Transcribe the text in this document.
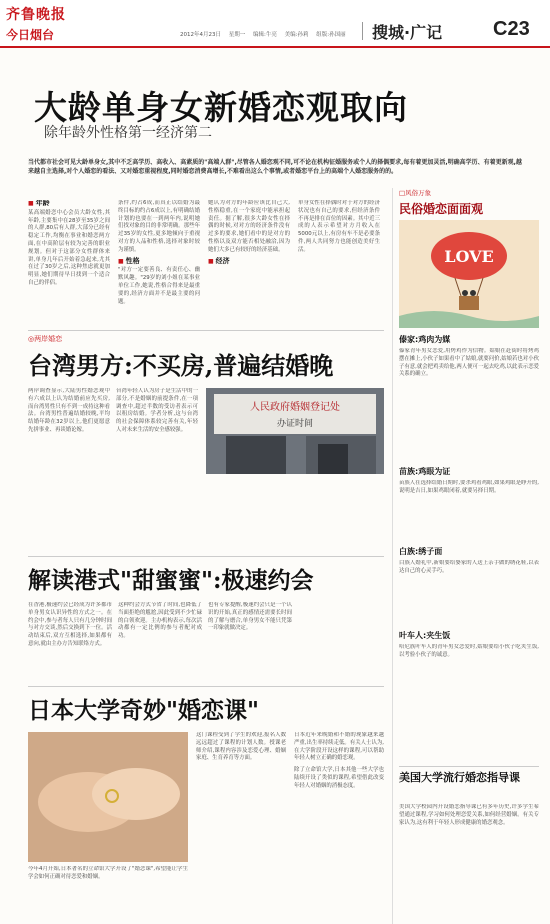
齐鲁晚报
今日烟台	2012年4月23日 星期一 编辑:牛亮 美编:孙莉 组版:孙国丽	搜城·广记	C23
大龄单身女新婚恋观取向
除年龄外性格第一经济第二
当代都市社会可见大龄单身女,其中不乏高学历、高收入、高素质的"高端人群",尽管各人婚恋观不同,可不论在机构征婚服务或个人的择偶要求,每有着更加灵活,明确高学历、有着更新观,越来越自主选择,对个人婚恋的看法、又对婚恋重视程度,同时婚恋消费高增长,不难看出这么个事情,或者婚恋平台上的高端个人婚恋服务的的。
■ 年龄
某高端婚恋中心会员大龄女性,其年龄,主要集中在28岁至35岁之间的人群,80后有人群,大部分已经有稳定工作,均衡在事业和婚恋两方面,在中高阶层有较为完善的职业规划。但对于这部分女性群体来讲,单身几年后开始着急起来,尤其在过了30岁之后,这种焦虑就更加明显,她们期待早日找到一个适合自己的伴侣。
条件,约占6成,而真正以结婚为最终目标的约占6成以上,有明确结婚计划的也要在一到两年内,说明她们找对象的目的非常明确。那些年过35岁的女性,更多地倾向于重视对方的人品和性格,选择对象时较为谨慎。
■ 性格
"对方一定要善良、有责任心、幽默风趣。"29岁的刘小姐在某事业单位工作,她说,性格合得来是最重要的,经济方面并不是最主要的问题。
她认为对方的年龄应该比自己大,性格稳重,在一个家庭中能承担起责任。据了解,很多大龄女性在择偶的时候,对对方的经济条件没有过多的要求,她们看中的是对方的性格以及双方能否相处融洽,因为她们大多已有较好的经济基础。
■ 经济
单身女性在择偶时对于对方的经济状况也有自己的要求,但经济条件不再是排在首位的因素。其中近三成的人表示希望对方月收入在5000元以上,有房有车不是必要条件,两人共同努力也能创造美好生活。
◎两岸婚恋
台湾男方:不买房,普遍结婚晚
两岸调查显示,大陆男性婚恋观中有六成以上认为结婚前应先买房,而台湾男性只有不到一成持这种看法。台湾男性普遍结婚较晚,平均结婚年龄在32岁以上,他们更愿意先拼事业、再谈婚论嫁。
台湾年轻人认为房子是生活中的一部分,不是婚姻的前提条件,在一项调查中,超过半数的受访者表示可以租房结婚。学者分析,这与台湾的社会保障体系较完善有关,年轻人对未来生活的安全感较强。
人民政府婚姻登记处
办证时间
解读港式"甜蜜蜜":极速约会
在香港,极速约会已经成为许多都市单身男女认识异性的方式之一。在约会中,参与者每人只有几分钟时间与对方交谈,然后交换到下一位。活动结束后,双方互相选择,如果都有意向,就由主办方告知联络方式。
这种约会方式节省了时间,也降低了当面拒绝的尴尬,因此受到不少忙碌的白领欢迎。主办机构表示,每次活动都有一定比例的参与者配对成功。
也有专家提醒,极速约会只是一个认识的开始,真正的感情还需要长时间的了解与磨合,单身男女不能只凭第一印象就做决定。
日本大学奇妙"婚恋课"
今年4月开始,日本著名的立命馆大学开设了"婚恋课",希望能让学生学会如何正确对待恋爱和婚姻。
这门课程受到了学生的欢迎,报名人数远远超过了课程的计划人数。授课老师介绍,课程内容涉及恋爱心理、婚姻家庭、生育养育等方面。
日本近年来晚婚和不婚的现象越来越严重,出生率持续走低。有关人士认为,在大学阶段开设这样的课程,可以帮助年轻人树立正确的婚恋观。
除了立命馆大学,日本其他一些大学也陆续开设了类似的课程,希望借此改变年轻人对婚姻的消极态度。
□风俗万象
民俗婚恋面面观
LOVE
傣家:鸡肉为媒
傣家青年男女恋爱,用烤鸡作为信物。姑娘在赶街时将烤鸡摆在摊上,小伙子如果看中了姑娘,就要问价,姑娘若也对小伙子有意,就会把鸡卖给他,两人便可一起去吃鸡,以此表示恋爱关系的确立。
苗族:鸡眼为证
苗族人在选择结婚日期时,要杀鸡看鸡眼,如果鸡眼是睁开的,说明是吉日,如果鸡眼闭着,就要另择日期。
白族:绣子面
白族人婚礼中,新娘要给婆家的人送上亲手做的绣花鞋,以表达自己的心灵手巧。
叶车人:夹生饭
哈尼族叶车人的青年男女恋爱时,姑娘要给小伙子吃夹生饭,以考验小伙子的诚意。
美国大学流行婚恋指导课
美国大学校园内开设婚恋指导课已有多年历史,许多学生希望通过课程,学习如何处理恋爱关系,如何经营婚姻。有关专家认为,这有利于年轻人形成健康的婚恋观念。
